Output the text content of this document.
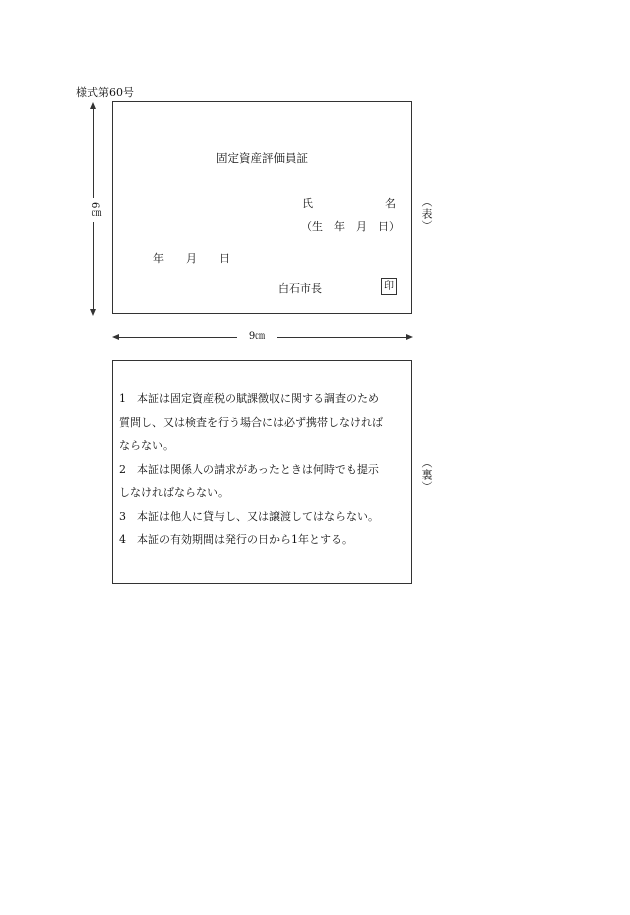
様式第60号
6㎝
固定資産評価員証
氏	名
（生　年　月　日）
年　　月　　日
白石市長	印
（表）
9㎝
1	本証は固定資産税の賦課徴収に関する調査のため
質問し、又は検査を行う場合には必ず携帯しなければ
ならない。
2	本証は関係人の請求があったときは何時でも提示
しなければならない。
3	本証は他人に貸与し、又は譲渡してはならない。
4	本証の有効期間は発行の日から1年とする。
（裏）
